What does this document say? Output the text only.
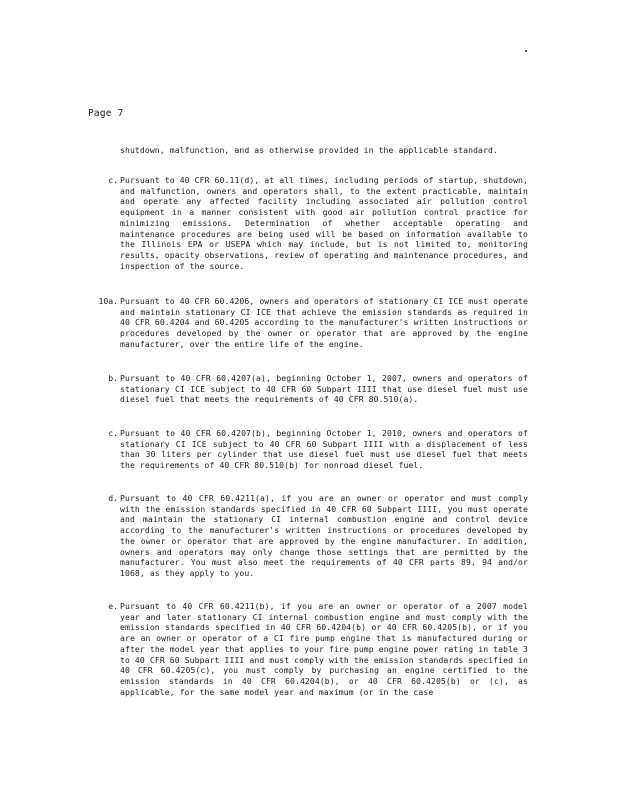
Page 7

shutdown, malfunction, and as otherwise provided in the applicable standard.

c. Pursuant to 40 CFR 60.11(d), at all times, including periods of startup, shutdown, and malfunction, owners and operators shall, to the extent practicable, maintain and operate any affected facility including associated air pollution control equipment in a manner consistent with good air pollution control practice for minimizing emissions. Determination of whether acceptable operating and maintenance procedures are being used will be based on information available to the Illinois EPA or USEPA which may include, but is not limited to, monitoring results, opacity observations, review of operating and maintenance procedures, and inspection of the source.

10a. Pursuant to 40 CFR 60.4206, owners and operators of stationary CI ICE must operate and maintain stationary CI ICE that achieve the emission standards as required in 40 CFR 60.4204 and 60.4205 according to the manufacturer's written instructions or procedures developed by the owner or operator that are approved by the engine manufacturer, over the entire life of the engine.

b. Pursuant to 40 CFR 60.4207(a), beginning October 1, 2007, owners and operators of stationary CI ICE subject to 40 CFR 60 Subpart IIII that use diesel fuel must use diesel fuel that meets the requirements of 40 CFR 80.510(a).

c. Pursuant to 40 CFR 60.4207(b), beginning October 1, 2010, owners and operators of stationary CI ICE subject to 40 CFR 60 Subpart IIII with a displacement of less than 30 liters per cylinder that use diesel fuel must use diesel fuel that meets the requirements of 40 CFR 80.510(b) for nonroad diesel fuel.

d. Pursuant to 40 CFR 60.4211(a), if you are an owner or operator and must comply with the emission standards specified in 40 CFR 60 Subpart IIII, you must operate and maintain the stationary CI internal combustion engine and control device according to the manufacturer's written instructions or procedures developed by the owner or operator that are approved by the engine manufacturer. In addition, owners and operators may only change those settings that are permitted by the manufacturer. You must also meet the requirements of 40 CFR parts 89, 94 and/or 1068, as they apply to you.

e. Pursuant to 40 CFR 60.4211(b), if you are an owner or operator of a 2007 model year and later stationary CI internal combustion engine and must comply with the emission standards specified in 40 CFR 60.4204(b) or 40 CFR 60.4205(b), or if you are an owner or operator of a CI fire pump engine that is manufactured during or after the model year that applies to your fire pump engine power rating in table 3 to 40 CFR 60 Subpart IIII and must comply with the emission standards specified in 40 CFR 60.4205(c), you must comply by purchasing an engine certified to the emission standards in 40 CFR 60.4204(b), or 40 CFR 60.4205(b) or (c), as applicable, for the same model year and maximum (or in the case
